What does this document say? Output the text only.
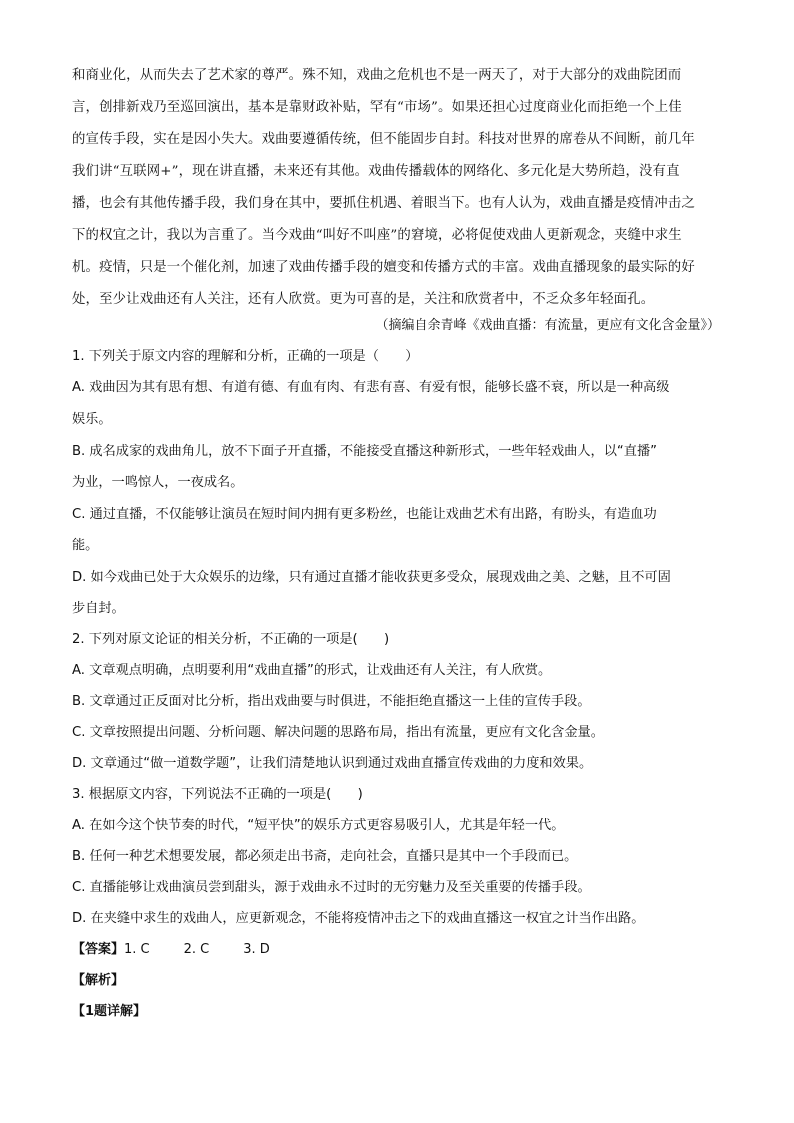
和商业化，从而失去了艺术家的尊严。殊不知，戏曲之危机也不是一两天了，对于大部分的戏曲院团而
言，创排新戏乃至巡回演出，基本是靠财政补贴，罕有“市场”。如果还担心过度商业化而拒绝一个上佳
的宣传手段，实在是因小失大。戏曲要遵循传统，但不能固步自封。科技对世界的席卷从不间断，前几年
我们讲“互联网+”，现在讲直播，未来还有其他。戏曲传播载体的网络化、多元化是大势所趋，没有直
播，也会有其他传播手段，我们身在其中，要抓住机遇、着眼当下。也有人认为，戏曲直播是疫情冲击之
下的权宜之计，我以为言重了。当今戏曲“叫好不叫座”的窘境，必将促使戏曲人更新观念，夹缝中求生
机。疫情，只是一个催化剂，加速了戏曲传播手段的嬗变和传播方式的丰富。戏曲直播现象的最实际的好
处，至少让戏曲还有人关注，还有人欣赏。更为可喜的是，关注和欣赏者中，不乏众多年轻面孔。
（摘编自余青峰《戏曲直播：有流量，更应有文化含金量》）
1. 下列关于原文内容的理解和分析，正确的一项是（　　）
A. 戏曲因为其有思有想、有道有德、有血有肉、有悲有喜、有爱有恨，能够长盛不衰，所以是一种高级
娱乐。
B. 成名成家的戏曲角儿，放不下面子开直播，不能接受直播这种新形式，一些年轻戏曲人，以“直播”
为业，一鸣惊人，一夜成名。
C. 通过直播，不仅能够让演员在短时间内拥有更多粉丝，也能让戏曲艺术有出路，有盼头，有造血功
能。
D. 如今戏曲已处于大众娱乐的边缘，只有通过直播才能收获更多受众，展现戏曲之美、之魅，且不可固
步自封。
2. 下列对原文论证的相关分析，不正确的一项是(　　)
A. 文章观点明确，点明要利用“戏曲直播”的形式，让戏曲还有人关注，有人欣赏。
B. 文章通过正反面对比分析，指出戏曲要与时俱进，不能拒绝直播这一上佳的宣传手段。
C. 文章按照提出问题、分析问题、解决问题的思路布局，指出有流量，更应有文化含金量。
D. 文章通过“做一道数学题”，让我们清楚地认识到通过戏曲直播宣传戏曲的力度和效果。
3. 根据原文内容，下列说法不正确的一项是(　　)
A. 在如今这个快节奏的时代，“短平快”的娱乐方式更容易吸引人，尤其是年轻一代。
B. 任何一种艺术想要发展，都必须走出书斋，走向社会，直播只是其中一个手段而已。
C. 直播能够让戏曲演员尝到甜头，源于戏曲永不过时的无穷魅力及至关重要的传播手段。
D. 在夹缝中求生的戏曲人，应更新观念，不能将疫情冲击之下的戏曲直播这一权宜之计当作出路。
【答案】1. C	2. C	3. D
【解析】
【1题详解】
